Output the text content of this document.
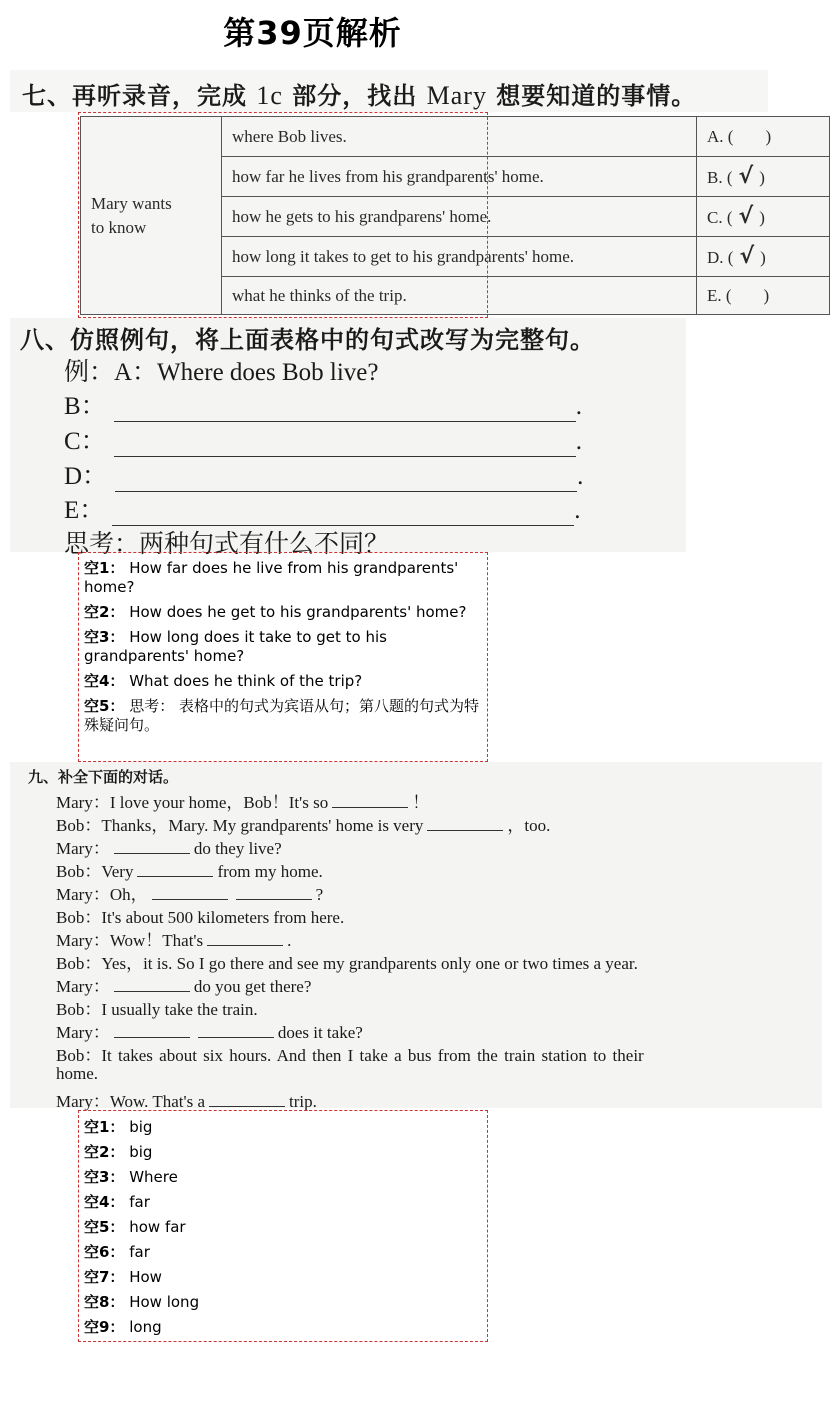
第39页解析
七、再听录音，完成 1c 部分，找出 Mary 想要知道的事情。
Mary wants
to know	where Bob lives.	A. ( )
	how far he lives from his grandparents' home.	B. ( √ )
	how he gets to his grandparens' home.	C. ( √ )
	how long it takes to get to his grandparents' home.	D. ( √ )
	what he thinks of the trip.	E. ( )
八、仿照例句，将上面表格中的句式改写为完整句。
例：A：Where does Bob live?
B：	.
C：	.
D：	.
E：	.
思考：两种句式有什么不同？
空1： How far does he live from his grandparents' home?
空2： How does he get to his grandparents' home?
空3： How long does it take to get to his grandparents' home?
空4： What does he think of the trip?
空5： 思考： 表格中的句式为宾语从句；第八题的句式为特殊疑问句。
九、补全下面的对话。
Mary：I love your home，Bob！It's so	！
Bob：Thanks，Mary. My grandparents' home is very	，too.
Mary：	do they live?
Bob：Very	from my home.
Mary：Oh，	?
Bob：It's about 500 kilometers from here.
Mary：Wow！That's	.
Bob：Yes，it is. So I go there and see my grandparents only one or two times a year.
Mary：	do you get there?
Bob：I usually take the train.
Mary：	does it take?
Bob：It takes about six hours. And then I take a bus from the train station to their
home.
Mary：Wow. That's a	trip.
空1： big
空2： big
空3： Where
空4： far
空5： how far
空6： far
空7： How
空8： How long
空9： long
